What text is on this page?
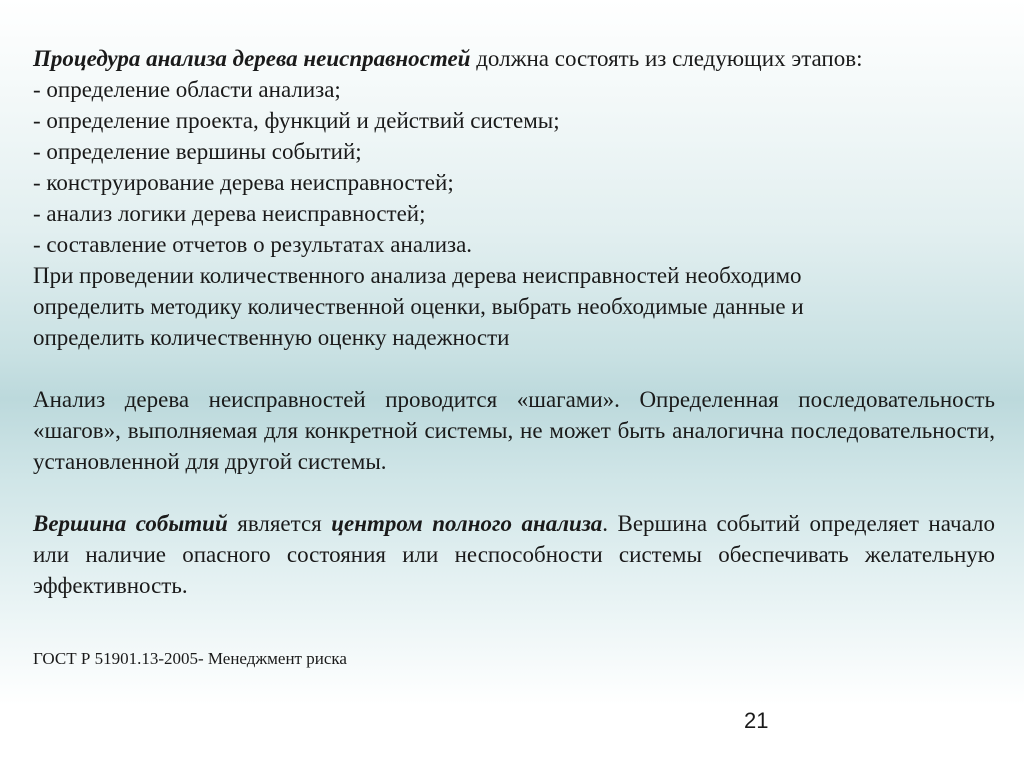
Процедура анализа дерева неисправностей должна состоять из следующих этапов:
- определение области анализа;
- определение проекта, функций и действий системы;
- определение вершины событий;
- конструирование дерева неисправностей;
- анализ логики дерева неисправностей;
- составление отчетов о результатах анализа.
При проведении количественного анализа дерева неисправностей необходимо
определить методику количественной оценки, выбрать необходимые данные и
определить количественную оценку надежности
Анализ дерева неисправностей проводится «шагами». Определенная последовательность «шагов», выполняемая для конкретной системы, не может быть аналогична последовательности, установленной для другой системы.
Вершина событий является центром полного анализа. Вершина событий определяет начало или наличие опасного состояния или неспособности системы обеспечивать желательную эффективность.
ГОСТ Р 51901.13-2005- Менеджмент риска
21
